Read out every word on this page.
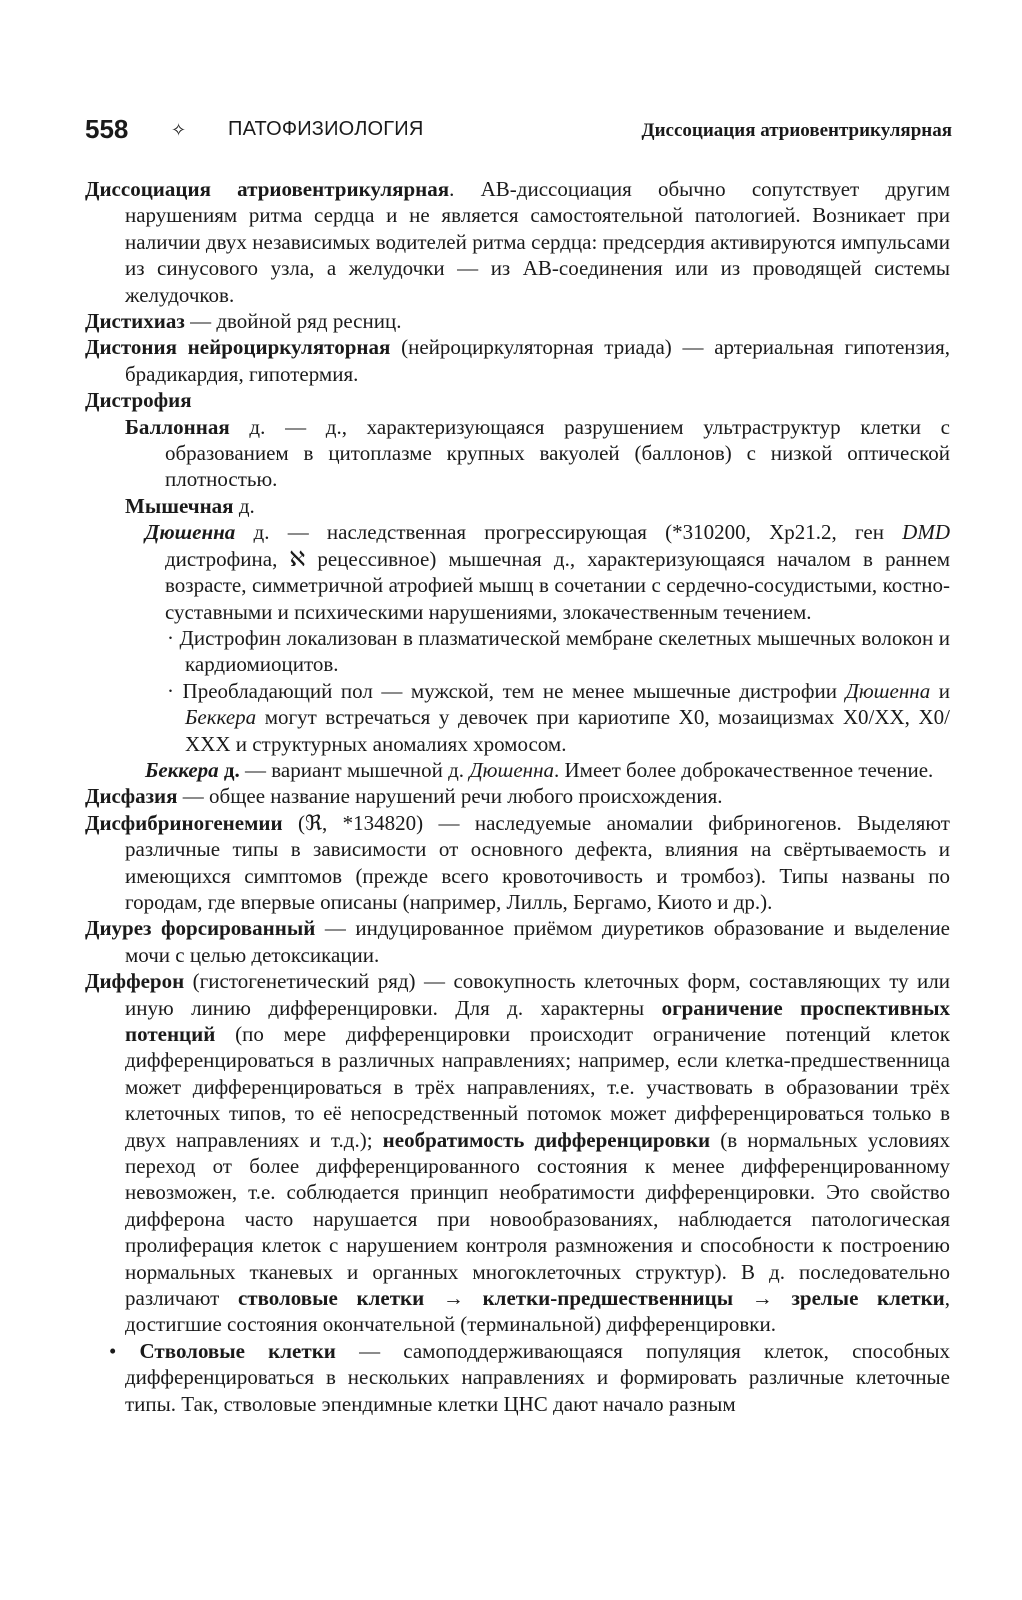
558 ✧ ПАТОФИЗИОЛОГИЯ	Диссоциация атриовентрикулярная

Диссоциация атриовентрикулярная. АВ-диссоциация обычно сопутствует другим нарушениям ритма сердца и не является самостоятельной патологией. Возникает при наличии двух независимых водителей ритма сердца: предсердия активируются импульсами из синусового узла, а желудочки — из АВ-соединения или из проводящей системы желудочков.

Дистихиаз — двойной ряд ресниц.

Дистония нейроциркуляторная (нейроциркуляторная триада) — артериальная гипотензия, брадикардия, гипотермия.

Дистрофия

Баллонная д. — д., характеризующаяся разрушением ультраструктур клетки с образованием в цитоплазме крупных вакуолей (баллонов) с низкой оптической плотностью.

Мышечная д.

Дюшенна д. — наследственная прогрессирующая (*310200, Xp21.2, ген DMD дистрофина, ℵ рецессивное) мышечная д., характеризующаяся началом в раннем возрасте, симметричной атрофией мышц в сочетании с сердечно-сосудистыми, костно-суставными и психическими нарушениями, злокачественным течением.

· Дистрофин локализован в плазматической мембране скелетных мышечных волокон и кардиомиоцитов.

· Преобладающий пол — мужской, тем не менее мышечные дистрофии Дюшенна и Беккера могут встречаться у девочек при кариотипе Х0, мозаицизмах Х0/ХХ, Х0/ХХХ и структурных аномалиях хромосом.

Беккера д. — вариант мышечной д. Дюшенна. Имеет более доброкачественное течение.

Дисфазия — общее название нарушений речи любого происхождения.

Дисфибриногенемии (ℜ, *134820) — наследуемые аномалии фибриногенов. Выделяют различные типы в зависимости от основного дефекта, влияния на свёртываемость и имеющихся симптомов (прежде всего кровоточивость и тромбоз). Типы названы по городам, где впервые описаны (например, Лилль, Бергамо, Киото и др.).

Диурез форсированный — индуцированное приёмом диуретиков образование и выделение мочи с целью детоксикации.

Дифферон (гистогенетический ряд) — совокупность клеточных форм, составляющих ту или иную линию дифференцировки. Для д. характерны ограничение проспективных потенций (по мере дифференцировки происходит ограничение потенций клеток дифференцироваться в различных направлениях; например, если клетка-предшественница может дифференцироваться в трёх направлениях, т.е. участвовать в образовании трёх клеточных типов, то её непосредственный потомок может дифференцироваться только в двух направлениях и т.д.); необратимость дифференцировки (в нормальных условиях переход от более дифференцированного состояния к менее дифференцированному невозможен, т.е. соблюдается принцип необратимости дифференцировки. Это свойство дифферона часто нарушается при новообразованиях, наблюдается патологическая пролиферация клеток с нарушением контроля размножения и способности к построению нормальных тканевых и органных многоклеточных структур). В д. последовательно различают стволовые клетки → клетки-предшественницы → зрелые клетки, достигшие состояния окончательной (терминальной) дифференцировки.

• Стволовые клетки — самоподдерживающаяся популяция клеток, способных дифференцироваться в нескольких направлениях и формировать различные клеточные типы. Так, стволовые эпендимные клетки ЦНС дают начало разным
